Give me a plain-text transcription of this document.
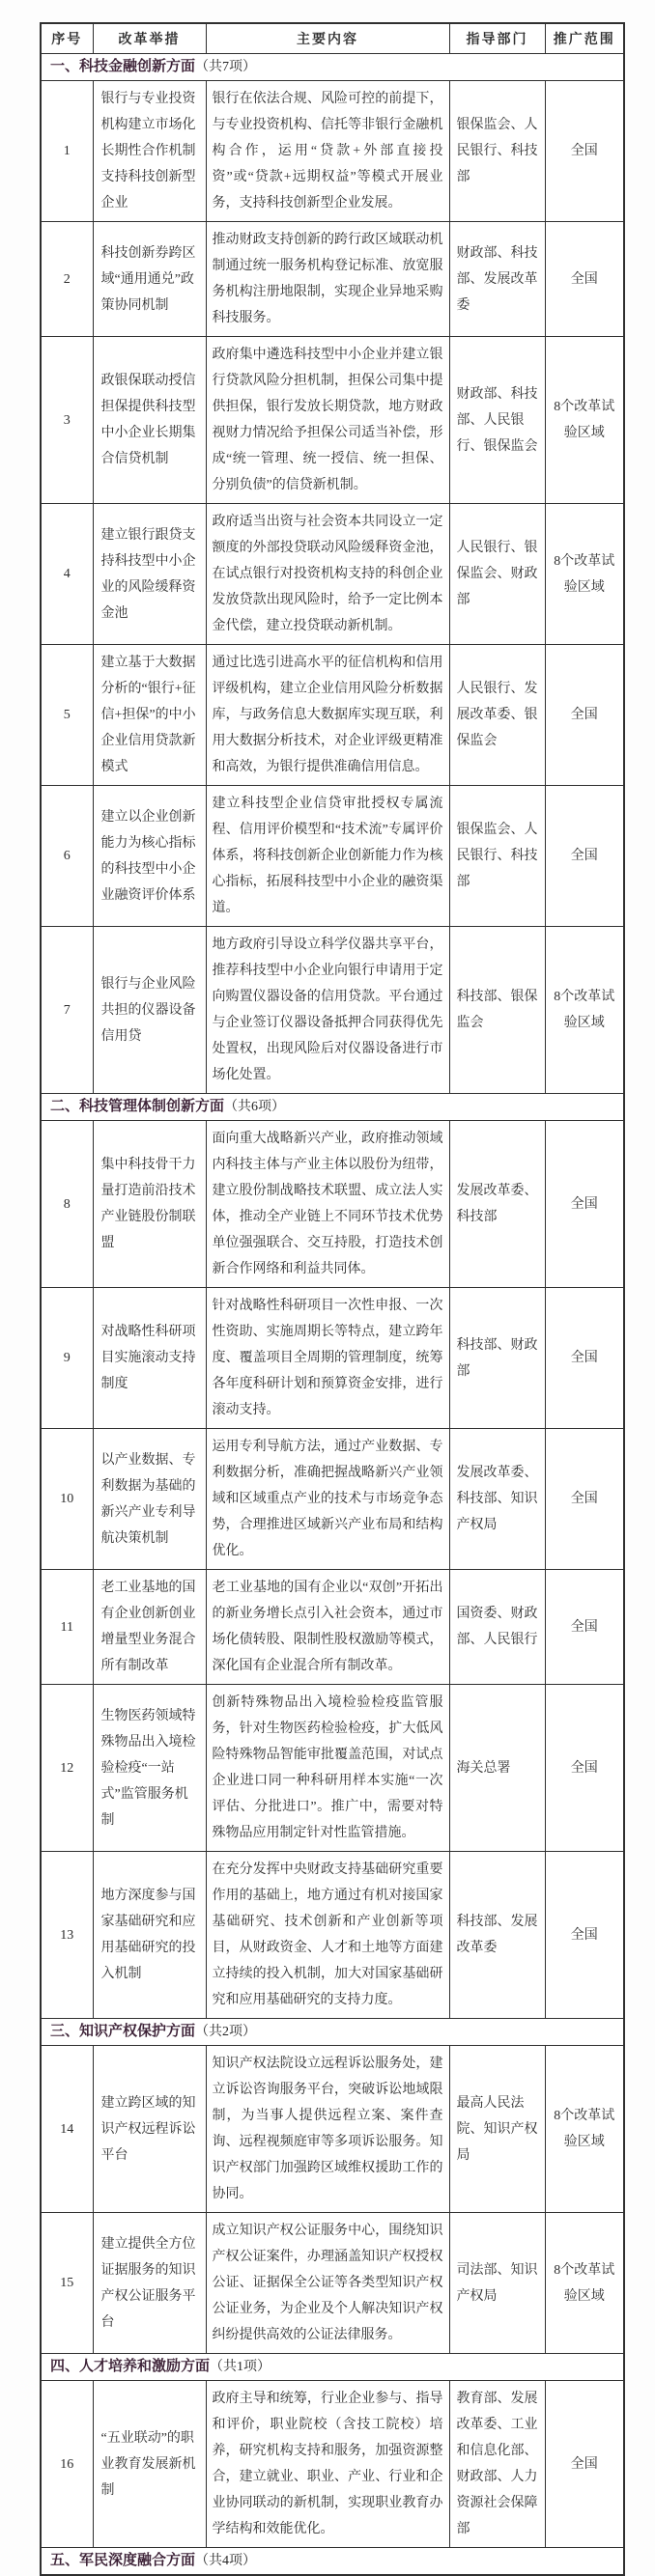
序号	改革举措	主要内容	指导部门	推广范围
一、科技金融创新方面（共7项）				
1	银行与专业投资机构建立市场化长期性合作机制支持科技创新型企业	银行在依法合规、风险可控的前提下，与专业投资机构、信托等非银行金融机构合作，运用“贷款+外部直接投资”或“贷款+远期权益”等模式开展业务，支持科技创新型企业发展。	银保监会、人民银行、科技部	全国
2	科技创新券跨区域“通用通兑”政策协同机制	推动财政支持创新的跨行政区域联动机制通过统一服务机构登记标准、放宽服务机构注册地限制，实现企业异地采购科技服务。	财政部、科技部、发展改革委	全国
3	政银保联动授信担保提供科技型中小企业长期集合信贷机制	政府集中遴选科技型中小企业并建立银行贷款风险分担机制，担保公司集中提供担保，银行发放长期贷款，地方财政视财力情况给予担保公司适当补偿，形成“统一管理、统一授信、统一担保、分别负债”的信贷新机制。	财政部、科技部、人民银行、银保监会	8个改革试验区域
4	建立银行跟贷支持科技型中小企业的风险缓释资金池	政府适当出资与社会资本共同设立一定额度的外部投贷联动风险缓释资金池，在试点银行对投资机构支持的科创企业发放贷款出现风险时，给予一定比例本金代偿，建立投贷联动新机制。	人民银行、银保监会、财政部	8个改革试验区域
5	建立基于大数据分析的“银行+征信+担保”的中小企业信用贷款新模式	通过比选引进高水平的征信机构和信用评级机构，建立企业信用风险分析数据库，与政务信息大数据库实现互联，利用大数据分析技术，对企业评级更精准和高效，为银行提供准确信用信息。	人民银行、发展改革委、银保监会	全国
6	建立以企业创新能力为核心指标的科技型中小企业融资评价体系	建立科技型企业信贷审批授权专属流程、信用评价模型和“技术流”专属评价体系，将科技创新企业创新能力作为核心指标，拓展科技型中小企业的融资渠道。	银保监会、人民银行、科技部	全国
7	银行与企业风险共担的仪器设备信用贷	地方政府引导设立科学仪器共享平台，推荐科技型中小企业向银行申请用于定向购置仪器设备的信用贷款。平台通过与企业签订仪器设备抵押合同获得优先处置权，出现风险后对仪器设备进行市场化处置。	科技部、银保监会	8个改革试验区域
二、科技管理体制创新方面（共6项）				
8	集中科技骨干力量打造前沿技术产业链股份制联盟	面向重大战略新兴产业，政府推动领域内科技主体与产业主体以股份为纽带，建立股份制战略技术联盟、成立法人实体，推动全产业链上不同环节技术优势单位强强联合、交互持股，打造技术创新合作网络和利益共同体。	发展改革委、科技部	全国
9	对战略性科研项目实施滚动支持制度	针对战略性科研项目一次性申报、一次性资助、实施周期长等特点，建立跨年度、覆盖项目全周期的管理制度，统筹各年度科研计划和预算资金安排，进行滚动支持。	科技部、财政部	全国
10	以产业数据、专利数据为基础的新兴产业专利导航决策机制	运用专利导航方法，通过产业数据、专利数据分析，准确把握战略新兴产业领域和区域重点产业的技术与市场竞争态势，合理推进区域新兴产业布局和结构优化。	发展改革委、科技部、知识产权局	全国
11	老工业基地的国有企业创新创业增量型业务混合所有制改革	老工业基地的国有企业以“双创”开拓出的新业务增长点引入社会资本，通过市场化债转股、限制性股权激励等模式，深化国有企业混合所有制改革。	国资委、财政部、人民银行	全国
12	生物医药领域特殊物品出入境检验检疫“一站式”监管服务机制	创新特殊物品出入境检验检疫监管服务，针对生物医药检验检疫，扩大低风险特殊物品智能审批覆盖范围，对试点企业进口同一种科研用样本实施“一次评估、分批进口”。推广中，需要对特殊物品应用制定针对性监管措施。	海关总署	全国
13	地方深度参与国家基础研究和应用基础研究的投入机制	在充分发挥中央财政支持基础研究重要作用的基础上，地方通过有机对接国家基础研究、技术创新和产业创新等项目，从财政资金、人才和土地等方面建立持续的投入机制，加大对国家基础研究和应用基础研究的支持力度。	科技部、发展改革委	全国
三、知识产权保护方面（共2项）				
14	建立跨区域的知识产权远程诉讼平台	知识产权法院设立远程诉讼服务处，建立诉讼咨询服务平台，突破诉讼地域限制，为当事人提供远程立案、案件查询、远程视频庭审等多项诉讼服务。知识产权部门加强跨区域维权援助工作的协同。	最高人民法院、知识产权局	8个改革试验区域
15	建立提供全方位证据服务的知识产权公证服务平台	成立知识产权公证服务中心，围绕知识产权公证案件，办理涵盖知识产权授权公证、证据保全公证等各类型知识产权公证业务，为企业及个人解决知识产权纠纷提供高效的公证法律服务。	司法部、知识产权局	8个改革试验区域
四、人才培养和激励方面（共1项）				
16	“五业联动”的职业教育发展新机制	政府主导和统筹，行业企业参与、指导和评价，职业院校（含技工院校）培养，研究机构支持和服务，加强资源整合，建立就业、职业、产业、行业和企业协同联动的新机制，实现职业教育办学结构和效能优化。	教育部、发展改革委、工业和信息化部、财政部、人力资源社会保障部	全国
五、军民深度融合方面（共4项）				
